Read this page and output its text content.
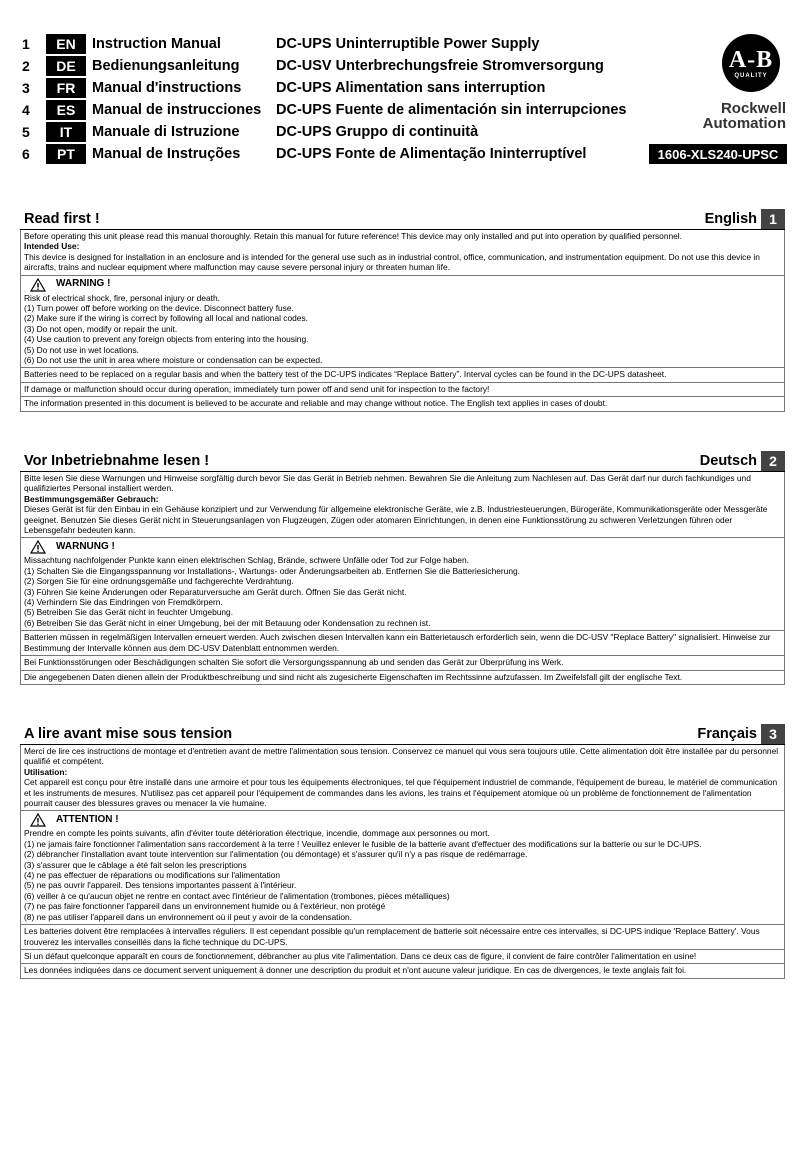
1	EN	Instruction Manual	DC-UPS Uninterruptible Power Supply
2	DE	Bedienungsanleitung	DC-USV Unterbrechungsfreie Stromversorgung
3	FR	Manual d'instructions	DC-UPS Alimentation sans interruption
4	ES	Manual de instrucciones	DC-UPS Fuente de alimentación sin interrupciones
5	IT	Manuale di Istruzione	DC-UPS Gruppo di continuità
6	PT	Manual de Instruções	DC-UPS Fonte de Alimentação Ininterruptível
A-B
QUALITY
Rockwell
Automation
1606-XLS240-UPSC
Read first !	English 1

Before operating this unit please read this manual thoroughly. Retain this manual for future reference! This device may only installed and put into operation by qualified personnel.

Intended Use:

This device is designed for installation in an enclosure and is intended for the general use such as in industrial control, office, communication, and instrumentation equipment. Do not use this device in aircrafts, trains and nuclear equipment where malfunction may cause severe personal injury or threaten human life.

WARNING !

Risk of electrical shock, fire, personal injury or death.

(1) Turn power off before working on the device. Disconnect battery fuse.

(2) Make sure if the wiring is correct by following all local and national codes.

(3) Do not open, modify or repair the unit.

(4) Use caution to prevent any foreign objects from entering into the housing.

(5) Do not use in wet locations.

(6) Do not use the unit in area where moisture or condensation can be expected.

Batteries need to be replaced on a regular basis and when the battery test of the DC-UPS indicates “Replace Battery”. Interval cycles can be found in the DC-UPS datasheet.
If damage or malfunction should occur during operation, immediately turn power off and send unit for inspection to the factory!
The information presented in this document is believed to be accurate and reliable and may change without notice. The English text applies in cases of doubt.
Vor Inbetriebnahme lesen !	Deutsch 2

Bitte lesen Sie diese Warnungen und Hinweise sorgfältig durch bevor Sie das Gerät in Betrieb nehmen. Bewahren Sie die Anleitung zum Nachlesen auf. Das Gerät darf nur durch fachkundiges und qualifiziertes Personal installiert werden.

Bestimmungsgemäßer Gebrauch:

Dieses Gerät ist für den Einbau in ein Gehäuse konzipiert und zur Verwendung für allgemeine elektronische Geräte, wie z.B. Industriesteuerungen, Bürogeräte, Kommunikationsgeräte oder Messgeräte geeignet. Benutzen Sie dieses Gerät nicht in Steuerungsanlagen von Flugzeugen, Zügen oder atomaren Einrichtungen, in denen eine Funktionsstörung zu schweren Verletzungen führen oder Lebensgefahr bedeuten kann.

WARNUNG !

Missachtung nachfolgender Punkte kann einen elektrischen Schlag, Brände, schwere Unfälle oder Tod zur Folge haben.

(1) Schalten Sie die Eingangsspannung vor Installations-, Wartungs- oder Änderungsarbeiten ab. Entfernen Sie die Batteriesicherung.

(2) Sorgen Sie für eine ordnungsgemäße und fachgerechte Verdrahtung.

(3) Führen Sie keine Änderungen oder Reparaturversuche am Gerät durch. Öffnen Sie das Gerät nicht.

(4) Verhindern Sie das Eindringen von Fremdkörpern.

(5) Betreiben Sie das Gerät nicht in feuchter Umgebung.

(6) Betreiben Sie das Gerät nicht in einer Umgebung, bei der mit Betauung oder Kondensation zu rechnen ist.

Batterien müssen in regelmäßigen Intervallen erneuert werden. Auch zwischen diesen Intervallen kann ein Batterietausch erforderlich sein, wenn die DC-USV "Replace Battery" signalisiert. Hinweise zur Bestimmung der Intervalle können aus dem DC-USV Datenblatt entnommen werden.
Bei Funktionsstörungen oder Beschädigungen schalten Sie sofort die Versorgungsspannung ab und senden das Gerät zur Überprüfung ins Werk.
Die angegebenen Daten dienen allein der Produktbeschreibung und sind nicht als zugesicherte Eigenschaften im Rechtssinne aufzufassen. Im Zweifelsfall gilt der englische Text.
A lire avant mise sous tension	Français 3

Merci de lire ces instructions de montage et d'entretien avant de mettre l'alimentation sous tension. Conservez ce manuel qui vous sera toujours utile. Cette alimentation doit être installée par du personnel qualifié et compétent.

Utilisation:

Cet appareil est conçu pour être installé dans une armoire et pour tous les équipements électroniques, tel que l'équipement industriel de commande, l'équipement de bureau, le matériel de communication et les instruments de mesures. N'utilisez pas cet appareil pour l'équipement de commandes dans les avions, les trains et l'équipement atomique où un problème de fonctionnement de l'alimentation pourrait causer des blessures graves ou menacer la vie humaine.

ATTENTION !

Prendre en compte les points suivants, afin d'éviter toute détérioration électrique, incendie, dommage aux personnes ou mort.

(1) ne jamais faire fonctionner l'alimentation sans raccordement à la terre ! Veuillez enlever le fusible de la batterie avant d'effectuer des modifications sur la batterie ou sur le DC-UPS.

(2) débrancher l'installation avant toute intervention sur l'alimentation (ou démontage) et s'assurer qu'il n'y a pas risque de redémarrage.

(3) s'assurer que le câblage a été fait selon les prescriptions

(4) ne pas effectuer de réparations ou modifications sur l'alimentation

(5) ne pas ouvrir l'appareil. Des tensions importantes passent à l'intérieur.

(6) veiller à ce qu'aucun objet ne rentre en contact avec l'intérieur de l'alimentation (trombones, pièces métalliques)

(7) ne pas faire fonctionner l'appareil dans un environnement humide ou à l'extérieur, non protégé

(8) ne pas utiliser l'appareil dans un environnement où il peut y avoir de la condensation.

Les batteries doivent être remplacées à intervalles réguliers. Il est cependant possible qu'un remplacement de batterie soit nécessaire entre ces intervalles, si DC-UPS indique 'Replace Battery'. Vous trouverez les intervalles conseillés dans la fiche technique du DC-UPS.
Si un défaut quelconque apparaît en cours de fonctionnement, débrancher au plus vite l'alimentation. Dans ce deux cas de figure, il convient de faire contrôler l'alimentation en usine!
Les données indiquées dans ce document servent uniquement à donner une description du produit et n'ont aucune valeur juridique. En cas de divergences, le texte anglais fait foi.
